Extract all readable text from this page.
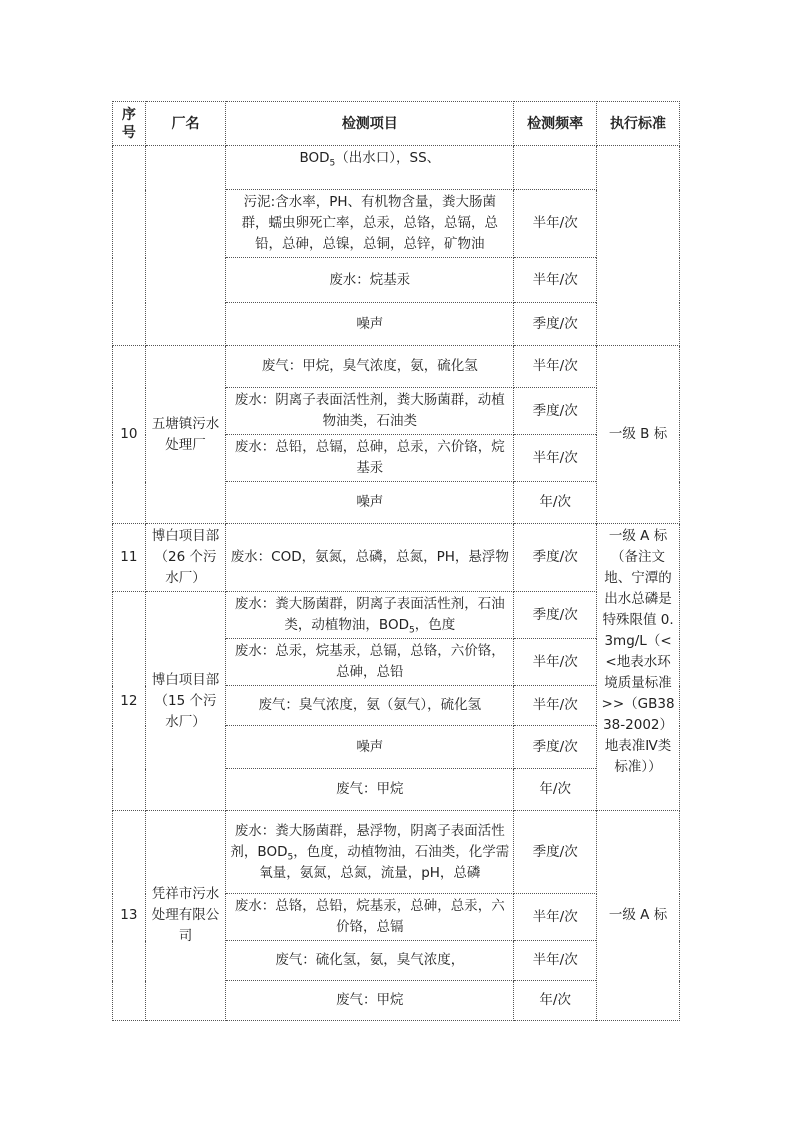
序号	厂名	检测项目	检测频率	执行标准
		$BOD_5$（出水口），SS、		
		污泥:含水率，PH、有机物含量，粪大肠菌群，蠕虫卵死亡率，总汞，总铬，总镉，总铅，总砷，总镍，总铜，总锌，矿物油	半年/次	
		废水：烷基汞	半年/次	
		噪声	季度/次	
10	五塘镇污水处理厂	废气：甲烷，臭气浓度，氨，硫化氢	半年/次	一级 B 标
		废水：阴离子表面活性剂，粪大肠菌群，动植物油类，石油类	季度/次	
		废水：总铅，总镉，总砷，总汞，六价铬，烷基汞	半年/次	
		噪声	年/次	
11	博白项目部（26 个污水厂）	废水：COD，氨氮，总磷，总氮，PH，悬浮物	季度/次	一级 A 标（备注文地、宁潭的出水总磷是特殊限值 0.3mg/L（<<地表水环境质量标准>>（GB3838-2002）地表准Ⅳ类标准））
12	博白项目部（15 个污水厂）	废水：粪大肠菌群，阴离子表面活性剂，石油类，动植物油，$BOD_5$，色度	季度/次	
		废水：总汞，烷基汞，总镉，总铬，六价铬，总砷，总铅	半年/次	
		废气：臭气浓度，氨（氨气），硫化氢	半年/次	
		噪声	季度/次	
		废气：甲烷	年/次	
13	凭祥市污水处理有限公司	废水：粪大肠菌群，悬浮物，阴离子表面活性剂，$BOD_5$，色度，动植物油，石油类，化学需氧量，氨氮，总氮，流量，pH，总磷	季度/次	一级 A 标
		废水：总铬，总铅，烷基汞，总砷，总汞，六价铬，总镉	半年/次	
		废气：硫化氢，氨，臭气浓度，	半年/次	
		废气：甲烷	年/次	
